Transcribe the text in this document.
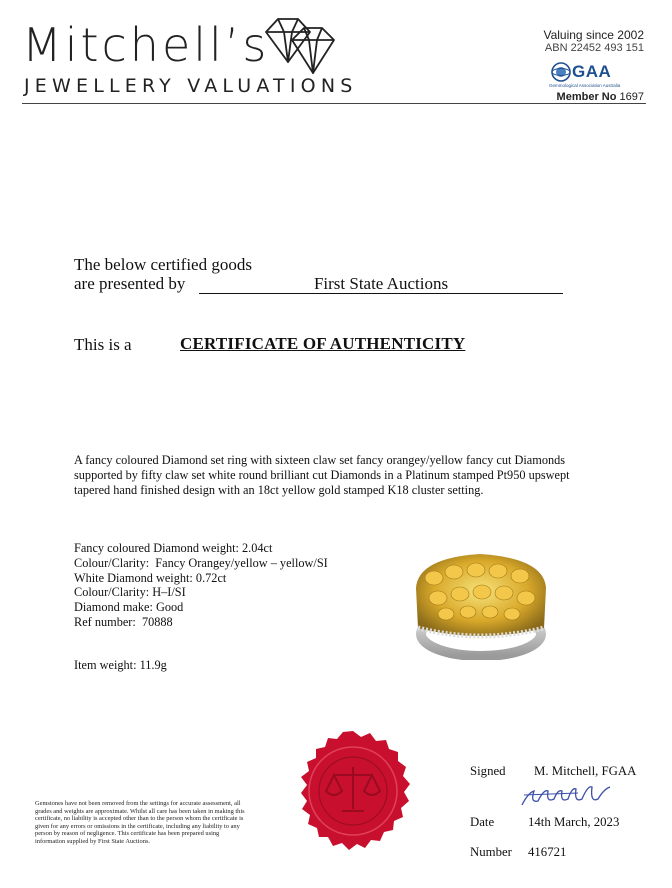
Mitchell’s
JEWELLERY VALUATIONS
Valuing since 2002
ABN 22452 493 151
GAA
Gemmological Association Australia
Member No 1697
The below certified goods
are presented by	First State Auctions
This is a	CERTIFICATE OF AUTHENTICITY
A fancy coloured Diamond set ring with sixteen claw set fancy orangey/yellow fancy cut Diamonds supported by fifty claw set white round brilliant cut Diamonds in a Platinum stamped Pt950 upswept tapered hand finished design with an 18ct yellow gold stamped K18 cluster setting.
Fancy coloured Diamond weight: 2.04ct
Colour/Clarity:  Fancy Orangey/yellow – yellow/SI
White Diamond weight: 0.72ct
Colour/Clarity: H–I/SI
Diamond make: Good
Ref number:  70888
Item weight: 11.9g
Gemstones have not been removed from the settings for accurate assessment, all grades and weights are approximate. Whilst all care has been taken in making this certificate, no liability is accepted other than to the person whom the certificate is given for any errors or omissions in the certificate, including any liability to any person by reason of negligence. This certificate has been prepared using information supplied by First State Auctions.
Signed M. Mitchell, FGAA
Date	14th March, 2023
Number 416721
